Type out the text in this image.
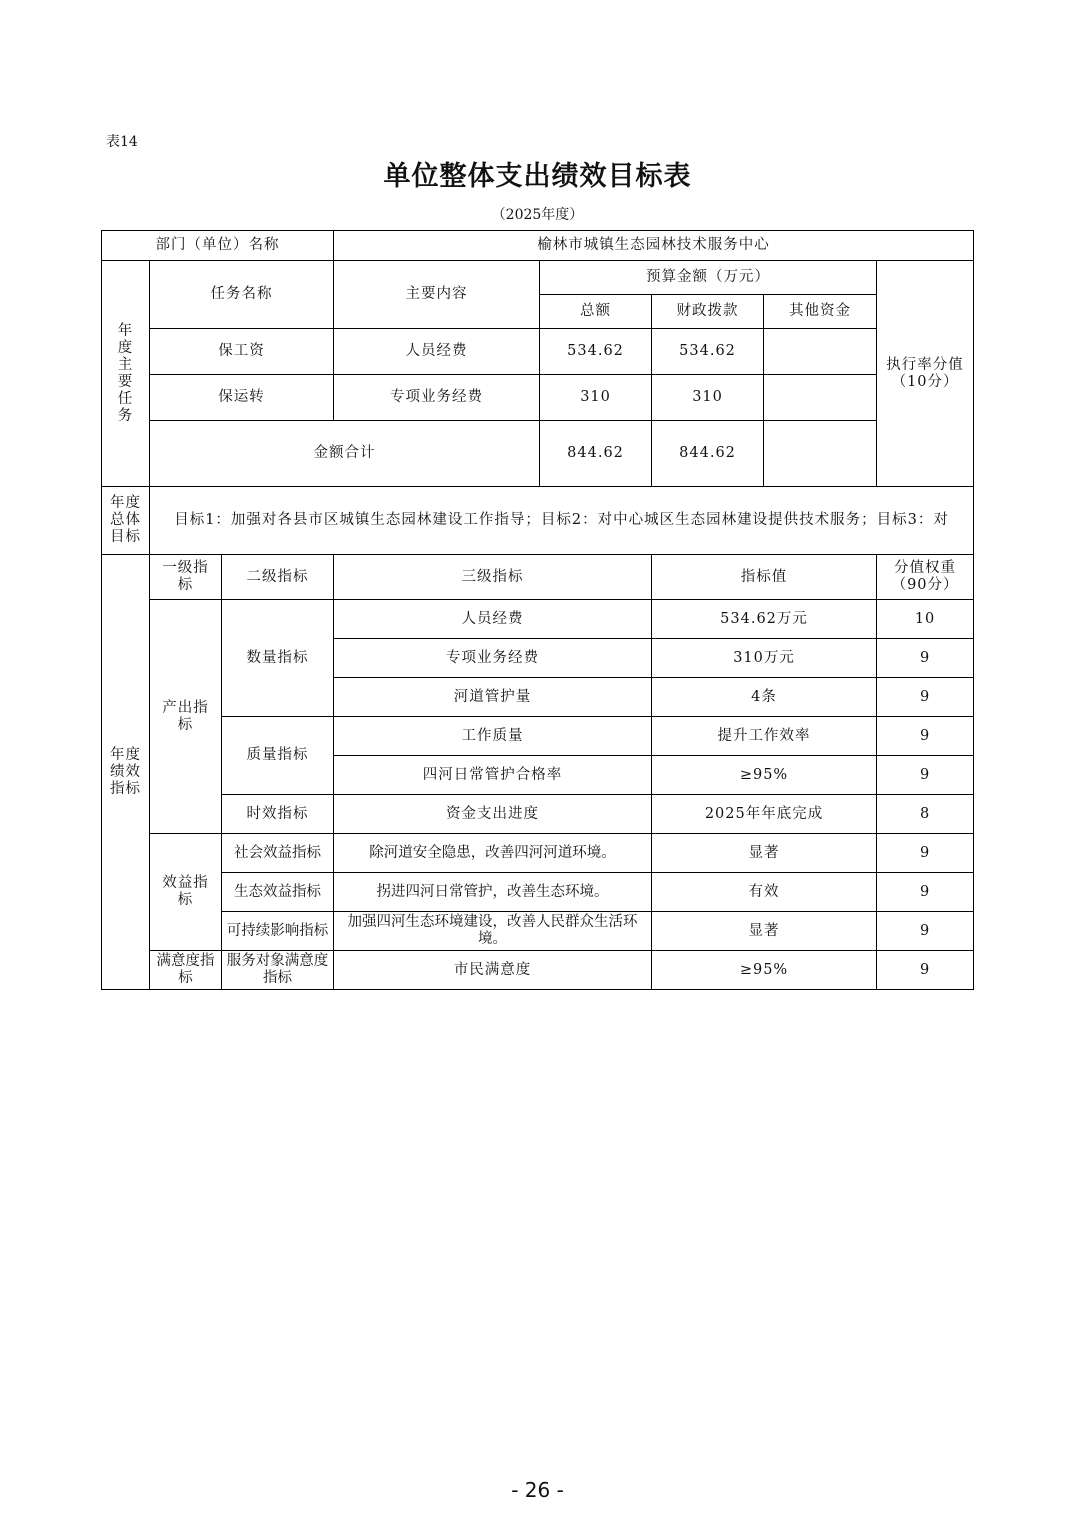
表14
单位整体支出绩效目标表
（2025年度）
部门（单位）名称			榆林市城镇生态园林技术服务中心				
年度主要任务	任务名称		主要内容	预算金额（万元）			执行率分值（10分）
				总额	财政拨款	其他资金	
	保工资		人员经费	534.62	534.62		
	保运转		专项业务经费	310	310		
	金额合计			844.62	844.62		

年度总体目标	目标1：加强对各县市区城镇生态园林建设工作指导；目标2：对中心城区生态园林建设提供技术服务；目标3：对						
年度绩效指标	一级指标	二级指标	三级指标		指标值		分值权重（90分）
	产出指标	数量指标	人员经费		534.62万元		10
			专项业务经费		310万元		9
			河道管护量		4条		9
		质量指标	工作质量		提升工作效率		9
			四河日常管护合格率		≥95%		9
		时效指标	资金支出进度		2025年年底完成		8
	效益指标	社会效益指标	除河道安全隐患，改善四河河道环境。		显著		9
		生态效益指标	拐进四河日常管护，改善生态环境。		有效		9
		可持续影响指标	加强四河生态环境建设，改善人民群众生活环境。		显著		9
	满意度指标	服务对象满意度指标	市民满意度		≥95%		9
- 26 -
